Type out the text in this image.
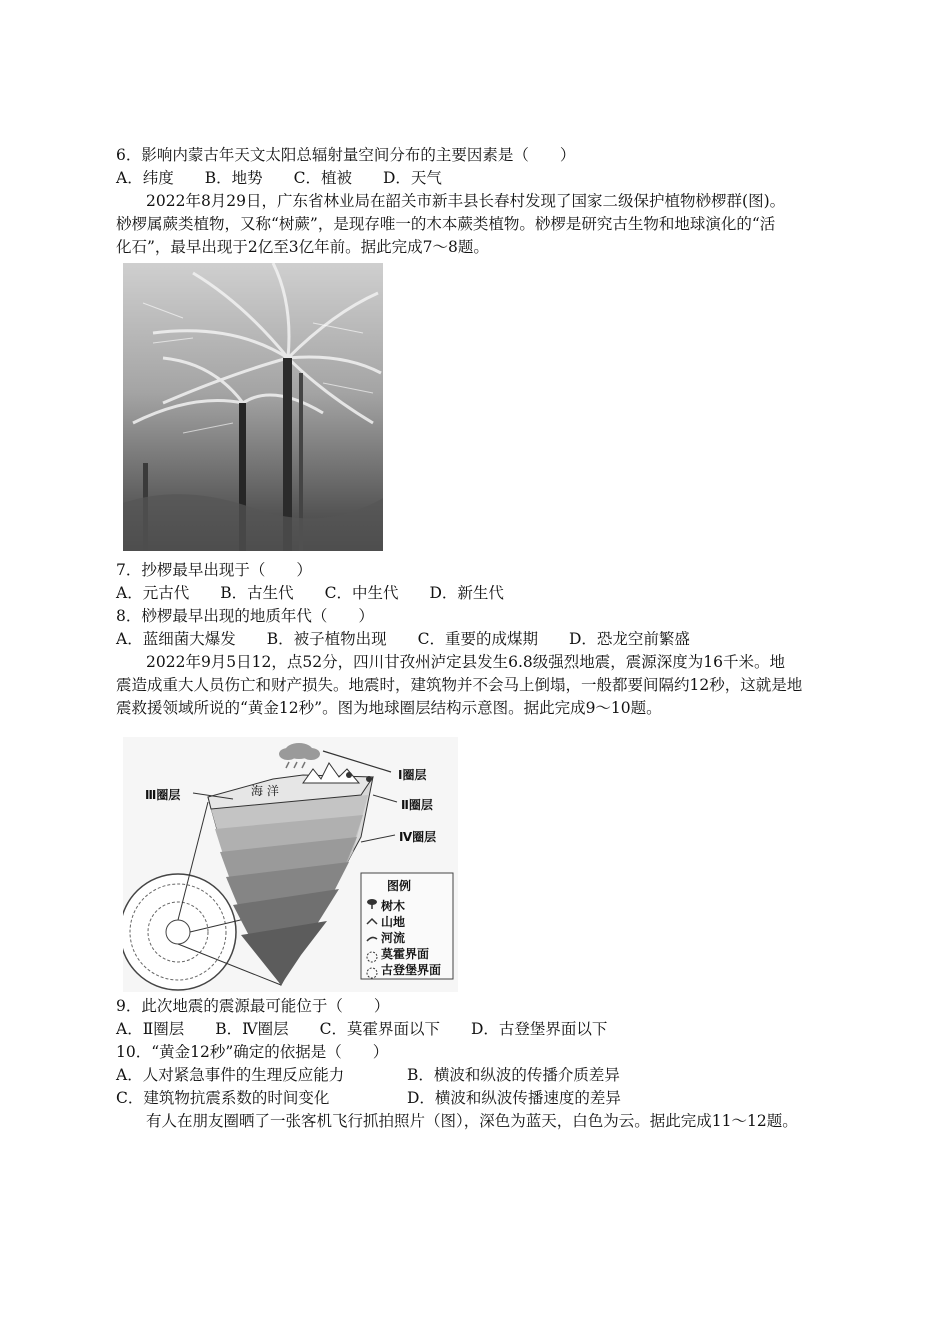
6．影响内蒙古年天文太阳总辐射量空间分布的主要因素是（　　）
A．纬度　　B．地势　　C．植被　　D．天气
2022年8月29日，广东省林业局在韶关市新丰县长春村发现了国家二级保护植物桫椤群(图)。
桫椤属蕨类植物，又称“树蕨”，是现存唯一的木本蕨类植物。桫椤是研究古生物和地球演化的“活
化石”，最早出现于2亿至3亿年前。据此完成7～8题。
7．抄椤最早出现于（　　）
A．元古代　　B．古生代　　C．中生代　　D．新生代
8．桫椤最早出现的地质年代（　　）
A．蓝细菌大爆发　　B．被子植物出现　　C．重要的成煤期　　D．恐龙空前繁盛
2022年9月5日12，点52分，四川甘孜州泸定县发生6.8级强烈地震，震源深度为16千米。地
震造成重大人员伤亡和财产损失。地震时，建筑物并不会马上倒塌，一般都要间隔约12秒，这就是地
震救援领域所说的“黄金12秒”。图为地球圈层结构示意图。据此完成9～10题。
Ⅰ圈层
Ⅱ圈层
Ⅲ圈层
Ⅳ圈层
海 洋
图例
树木
山地
河流
莫霍界面
古登堡界面
9．此次地震的震源最可能位于（　　）
A．Ⅱ圈层　　B．Ⅳ圈层　　C．莫霍界面以下　　D．古登堡界面以下
10．“黄金12秒”确定的依据是（　　）
A．人对紧急事件的生理反应能力	B．横波和纵波的传播介质差异
C．建筑物抗震系数的时间变化	D．横波和纵波传播速度的差异
有人在朋友圈晒了一张客机飞行抓拍照片（图），深色为蓝天，白色为云。据此完成11～12题。
